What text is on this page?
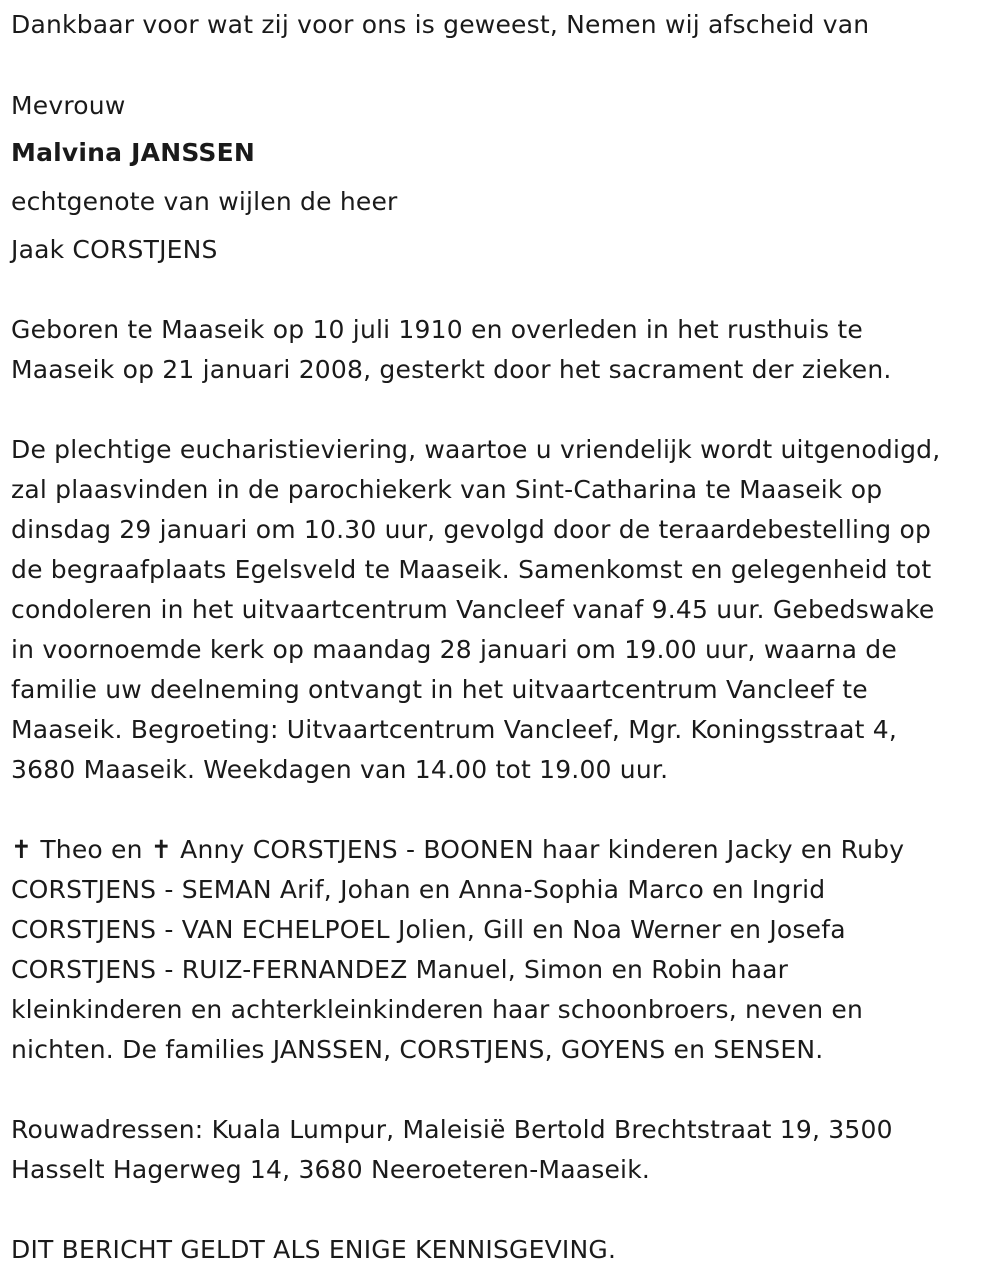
Dankbaar voor wat zij voor ons is geweest, Nemen wij afscheid van
Mevrouw
Malvina JANSSEN
echtgenote van wijlen de heer
Jaak CORSTJENS
Geboren te Maaseik op 10 juli 1910 en overleden in het rusthuis te
Maaseik op 21 januari 2008, gesterkt door het sacrament der zieken.
De plechtige eucharistieviering, waartoe u vriendelijk wordt uitgenodigd,
zal plaasvinden in de parochiekerk van Sint-Catharina te Maaseik op
dinsdag 29 januari om 10.30 uur, gevolgd door de teraardebestelling op
de begraafplaats Egelsveld te Maaseik. Samenkomst en gelegenheid tot
condoleren in het uitvaartcentrum Vancleef vanaf 9.45 uur. Gebedswake
in voornoemde kerk op maandag 28 januari om 19.00 uur, waarna de
familie uw deelneming ontvangt in het uitvaartcentrum Vancleef te
Maaseik. Begroeting: Uitvaartcentrum Vancleef, Mgr. Koningsstraat 4,
3680 Maaseik. Weekdagen van 14.00 tot 19.00 uur.
✝ Theo en ✝ Anny CORSTJENS - BOONEN haar kinderen Jacky en Ruby
CORSTJENS - SEMAN Arif, Johan en Anna-Sophia Marco en Ingrid
CORSTJENS - VAN ECHELPOEL Jolien, Gill en Noa Werner en Josefa
CORSTJENS - RUIZ-FERNANDEZ Manuel, Simon en Robin haar
kleinkinderen en achterkleinkinderen haar schoonbroers, neven en
nichten. De families JANSSEN, CORSTJENS, GOYENS en SENSEN.
Rouwadressen: Kuala Lumpur, Maleisië Bertold Brechtstraat 19, 3500
Hasselt Hagerweg 14, 3680 Neeroeteren-Maaseik.
DIT BERICHT GELDT ALS ENIGE KENNISGEVING.
